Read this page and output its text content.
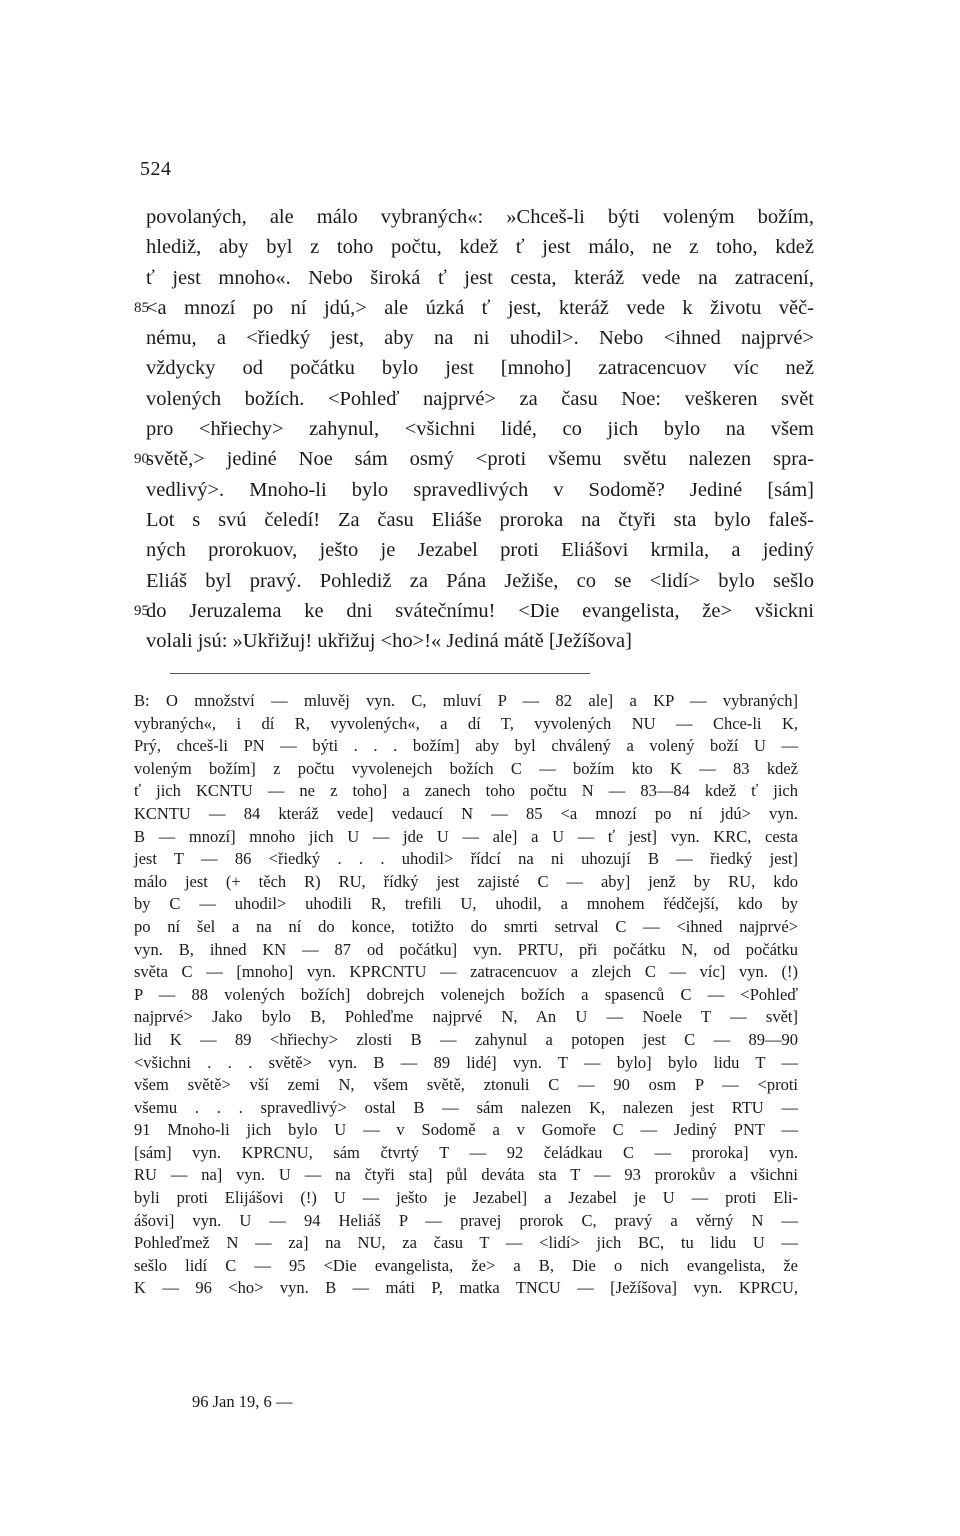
524
povolaných, ale málo vybraných«: »Chceš-li býti voleným božím,
hlediž, aby byl z toho počtu, kdež ť jest málo, ne z toho, kdež
ť jest mnoho«. Nebo široká ť jest cesta, kteráž vede na zatracení,
85
<a mnozí po ní jdú,> ale úzká ť jest, kteráž vede k životu věč-
nému, a <řiedký jest, aby na ni uhodil>. Nebo <ihned najprvé>
vždycky od počátku bylo jest [mnoho] zatracencuov víc než
volených božích. <Pohleď najprvé> za času Noe: veškeren svět
pro <hřiechy> zahynul, <všichni lidé, co jich bylo na všem
90
světě,> jediné Noe sám osmý <proti všemu světu nalezen spra-
vedlivý>. Mnoho-li bylo spravedlivých v Sodomě? Jediné [sám]
Lot s svú čeledí! Za času Eliáše proroka na čtyři sta bylo faleš-
ných prorokuov, ješto je Jezabel proti Eliášovi krmila, a jediný
Eliáš byl pravý. Pohlediž za Pána Ježiše, co se <lidí> bylo sešlo
95
do Jeruzalema ke dni svátečnímu! <Die evangelista, že> všickni
volali jsú: »Ukřižuj! ukřižuj <ho>!« Jediná mátě [Ježíšova]
B: O množství — mluvěj vyn. C, mluví P — 82 ale] a KP — vybraných]
vybraných«, i dí R, vyvolených«, a dí T, vyvolených NU — Chce-li K,
Prý, chceš-li PN — býti . . . božím] aby byl chválený a volený boží U —
voleným božím] z počtu vyvolenejch božích C — božím kto K — 83 kdež
ť jich KCNTU — ne z toho] a zanech toho počtu N — 83—84 kdež ť jich
KCNTU — 84 kteráž vede] vedaucí N — 85 <a mnozí po ní jdú> vyn.
B — mnozí] mnoho jich U — jde U — ale] a U — ť jest] vyn. KRC, cesta
jest T — 86 <řiedký . . . uhodil> řídcí na ni uhozují B — řiedký jest]
málo jest (+ těch R) RU, řídký jest zajisté C — aby] jenž by RU, kdo
by C — uhodil> uhodili R, trefili U, uhodil, a mnohem řédčejší, kdo by
po ní šel a na ní do konce, totižto do smrti setrval C — <ihned najprvé>
vyn. B, ihned KN — 87 od počátku] vyn. PRTU, při počátku N, od počátku
světa C — [mnoho] vyn. KPRCNTU — zatracencuov a zlejch C — víc] vyn. (!)
P — 88 volených božích] dobrejch volenejch božích a spasenců C — <Pohleď
najprvé> Jako bylo B, Pohleďme najprvé N, An U — Noele T — svět]
lid K — 89 <hřiechy> zlosti B — zahynul a potopen jest C — 89—90
<všichni . . . světě> vyn. B — 89 lidé] vyn. T — bylo] bylo lidu T —
všem světě> vší zemi N, všem světě, ztonuli C — 90 osm P — <proti
všemu . . . spravedlivý> ostal B — sám nalezen K, nalezen jest RTU —
91 Mnoho-li jich bylo U — v Sodomě a v Gomoře C — Jediný PNT —
[sám] vyn. KPRCNU, sám čtvrtý T — 92 čeládkau C — proroka] vyn.
RU — na] vyn. U — na čtyři sta] půl deváta sta T — 93 prorokův a všichni
byli proti Elijášovi (!) U — ješto je Jezabel] a Jezabel je U — proti Eli-
ášovi] vyn. U — 94 Heliáš P — pravej prorok C, pravý a věrný N —
Pohleďmež N — za] na NU, za času T — <lidí> jich BC, tu lidu U —
sešlo lidí C — 95 <Die evangelista, že> a B, Die o nich evangelista, že
K — 96 <ho> vyn. B — máti P, matka TNCU — [Ježíšova] vyn. KPRCU,
96 Jan 19, 6 —
